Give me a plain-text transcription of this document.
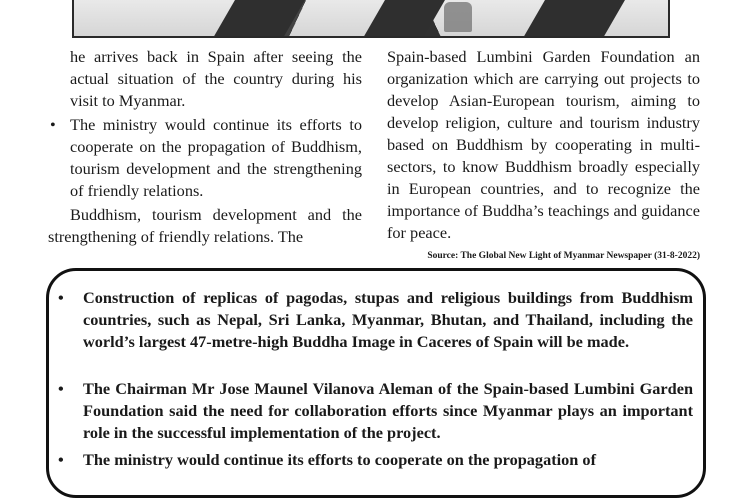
he arrives back in Spain after seeing the actual situation of the country during his visit to Myanmar.

• The ministry would continue its efforts to cooperate on the propagation of Buddhism, tourism development and the strengthening of friendly relations.

Buddhism, tourism development and the strengthening of friendly relations. The

Spain-based Lumbini Garden Foundation an organization which are carrying out projects to develop Asian-European tourism, aiming to develop religion, culture and tourism industry based on Buddhism by cooperating in multi-sectors, to know Buddhism broadly especially in European countries, and to recognize the importance of Buddha’s teachings and guidance for peace.

Source: The Global New Light of Myanmar Newspaper (31-8-2022)
• Construction of replicas of pagodas, stupas and religious buildings from Buddhism countries, such as Nepal, Sri Lanka, Myanmar, Bhutan, and Thailand, including the world’s largest 47-metre-high Buddha Image in Caceres of Spain will be made.
• The Chairman Mr Jose Maunel Vilanova Aleman of the Spain-based Lumbini Garden Foundation said the need for collaboration efforts since Myanmar plays an important role in the successful implementation of the project.
• The ministry would continue its efforts to cooperate on the propagation of
